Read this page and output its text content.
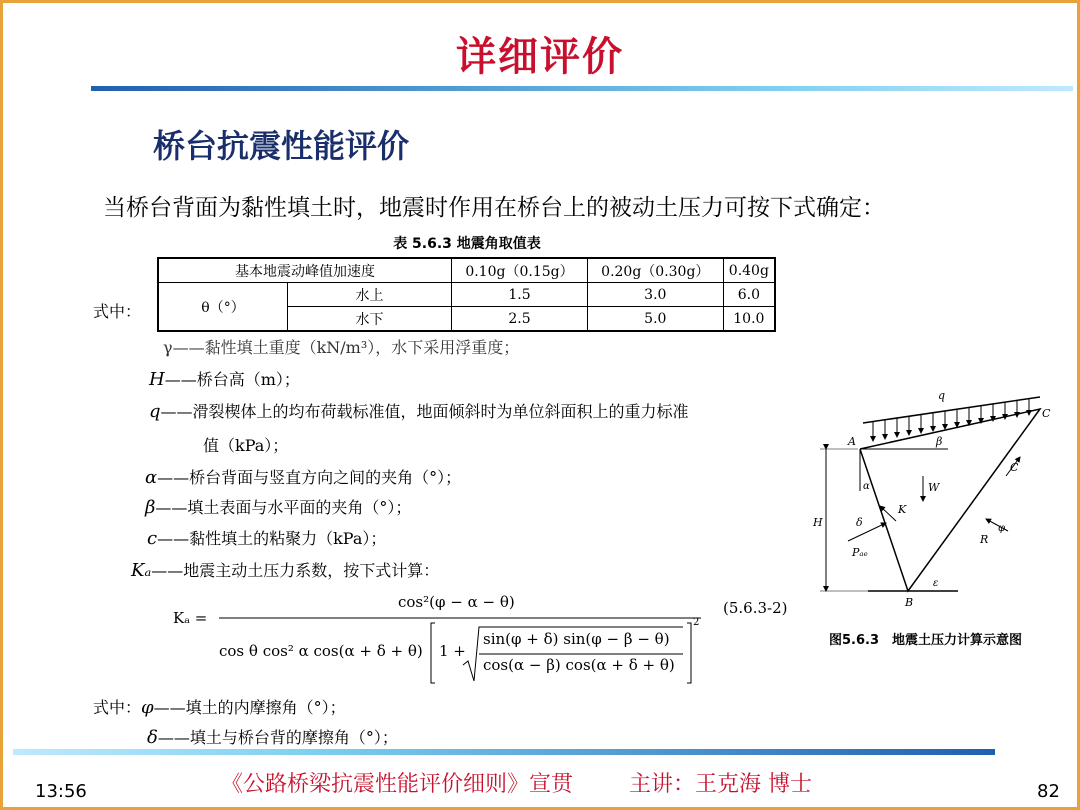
详细评价
桥台抗震性能评价
当桥台背面为黏性填土时，地震时作用在桥台上的被动土压力可按下式确定：
表 5.6.3 地震角取值表
基本地震动峰值加速度		0.10g（0.15g）	0.20g（0.30g）	0.40g
θ（°）	水上	1.5	3.0	6.0
	水下	2.5	5.0	10.0
式中：
γ——黏性填土重度（kN/m³），水下采用浮重度；
H——桥台高（m）；
q——滑裂楔体上的均布荷载标准值，地面倾斜时为单位斜面积上的重力标准
值（kPa）；
α——桥台背面与竖直方向之间的夹角（°）；
β——填土表面与水平面的夹角（°）；
c——黏性填土的粘聚力（kPa）；
Kₐ——地震主动土压力系数，按下式计算：
Kₐ =
cos²(φ − α − θ)
cos θ cos² α cos(α + δ + θ) 1 +
sin(φ + δ) sin(φ − β − θ)
cos(α − β) cos(α + δ + θ)
2
(5.6.3-2)
式中：φ——填土的内摩擦角（°）；
δ——填土与桥台背的摩擦角（°）；
q
A
B
C
β
α
H
W
K
δ
Pₐₑ
R
φ
ε
C
图5.6.3　地震土压力计算示意图
13:56	《公路桥梁抗震性能评价细则》宣贯	主讲：王克海 博士	82
